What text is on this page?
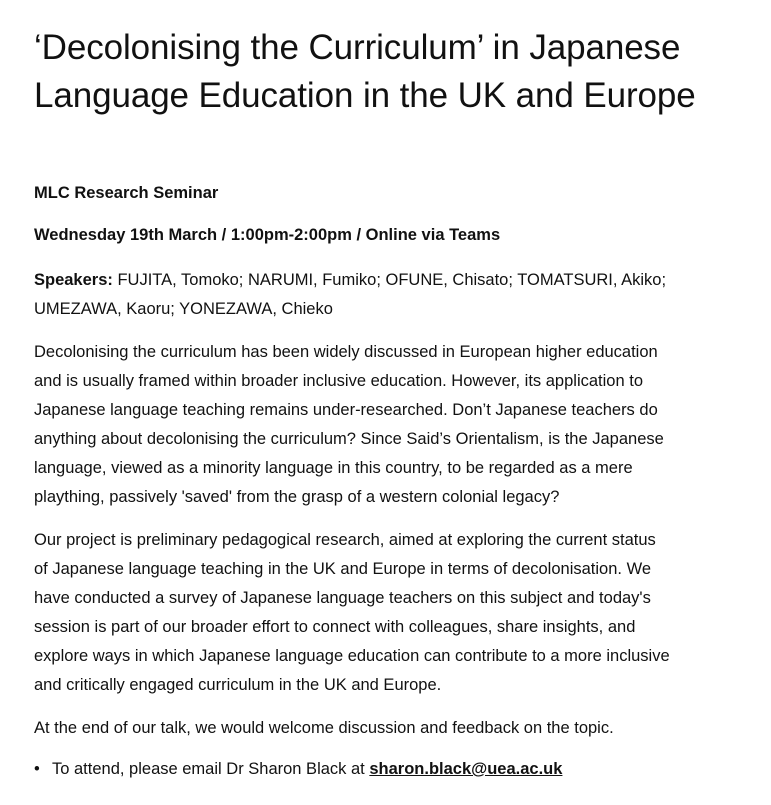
‘Decolonising the Curriculum’ in Japanese
Language Education in the UK and Europe

MLC Research Seminar

Wednesday 19th March / 1:00pm-2:00pm / Online via Teams

Speakers: FUJITA, Tomoko; NARUMI, Fumiko; OFUNE, Chisato; TOMATSURI, Akiko;
UMEZAWA, Kaoru; YONEZAWA, Chieko

Decolonising the curriculum has been widely discussed in European higher education
and is usually framed within broader inclusive education. However, its application to
Japanese language teaching remains under-researched. Don’t Japanese teachers do
anything about decolonising the curriculum? Since Said’s Orientalism, is the Japanese
language, viewed as a minority language in this country, to be regarded as a mere
plaything, passively 'saved' from the grasp of a western colonial legacy?

Our project is preliminary pedagogical research, aimed at exploring the current status
of Japanese language teaching in the UK and Europe in terms of decolonisation. We
have conducted a survey of Japanese language teachers on this subject and today's
session is part of our broader effort to connect with colleagues, share insights, and
explore ways in which Japanese language education can contribute to a more inclusive
and critically engaged curriculum in the UK and Europe.

At the end of our talk, we would welcome discussion and feedback on the topic.

• To attend, please email Dr Sharon Black at sharon.black@uea.ac.uk
